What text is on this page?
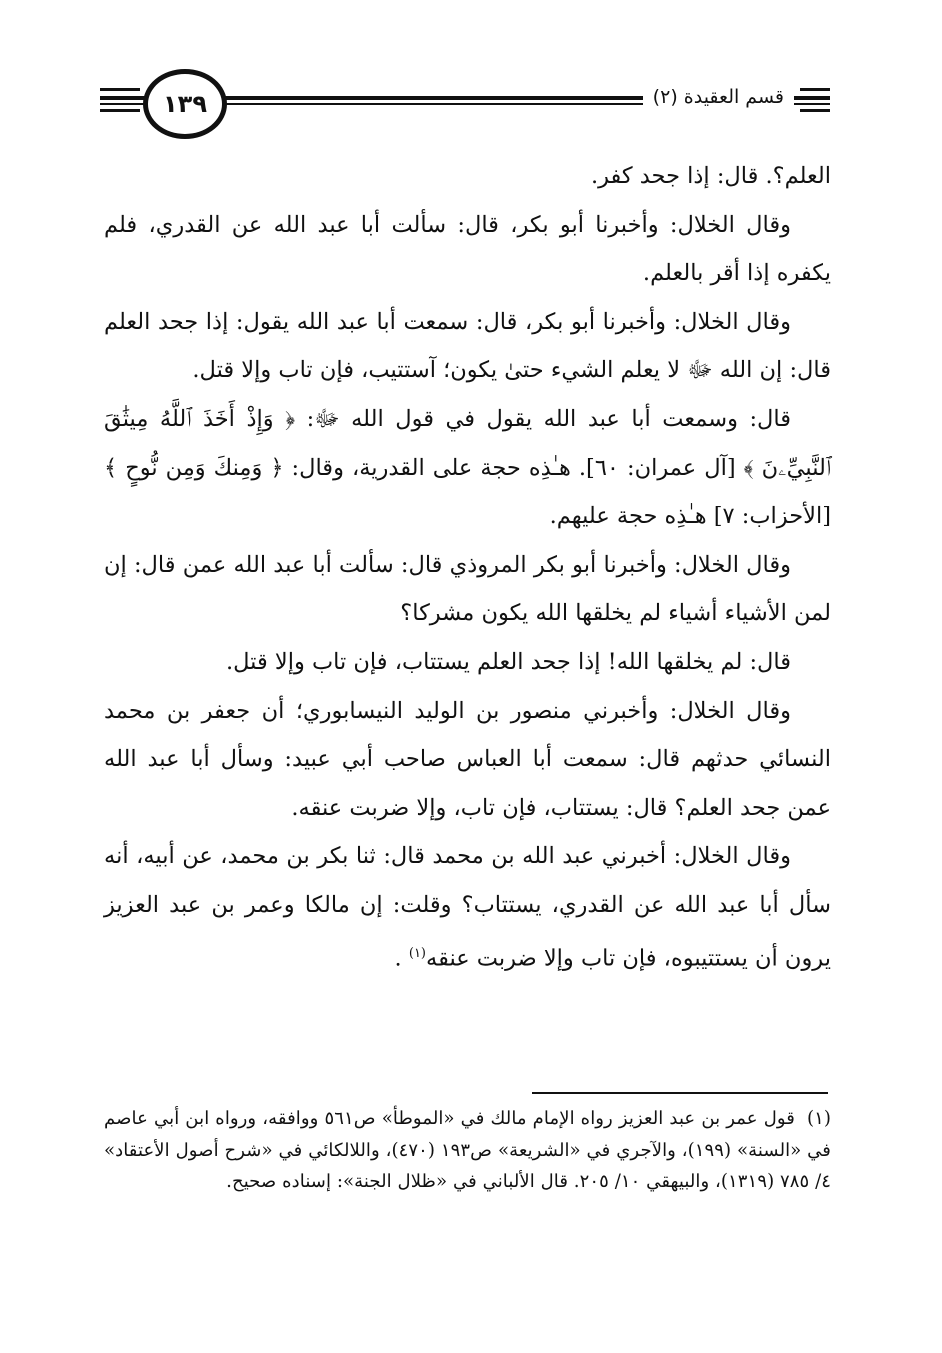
١٣٩	قسم العقيدة (٢)

العلم؟. قال: إذا جحد كفر.

وقال الخلال: وأخبرنا أبو بكر، قال: سألت أبا عبد الله عن القدري، فلم يكفره إذا أقر بالعلم.

وقال الخلال: وأخبرنا أبو بكر، قال: سمعت أبا عبد الله يقول: إذا جحد العلم قال: إن الله ﷻ لا يعلم الشيء حتىٰ يكون؛ آستتيب، فإن تاب وإلا قتل.

قال: وسمعت أبا عبد الله يقول في قول الله ﷻ: ﴿ وَإِذْ أَخَذَ ٱللَّهُ مِيثَٰقَ ٱلنَّبِيِّۦنَ ﴾ [آل عمران: ٦٠]. هـٰذِه حجة على القدرية، وقال: ﴿ وَمِنكَ وَمِن نُّوحٍ ﴾ [الأحزاب: ٧] هـٰذِه حجة عليهم.

وقال الخلال: وأخبرنا أبو بكر المروذي قال: سألت أبا عبد الله عمن قال: إن لمن الأشياء أشياء لم يخلقها الله يكون مشركا؟

قال: لم يخلقها الله! إذا جحد العلم يستتاب، فإن تاب وإلا قتل.

وقال الخلال: وأخبرني منصور بن الوليد النيسابوري؛ أن جعفر بن محمد النسائي حدثهم قال: سمعت أبا العباس صاحب أبي عبيد: وسأل أبا عبد الله عمن جحد العلم؟ قال: يستتاب، فإن تاب، وإلا ضربت عنقه.

وقال الخلال: أخبرني عبد الله بن محمد قال: ثنا بكر بن محمد، عن أبيه، أنه سأل أبا عبد الله عن القدري، يستتاب؟ وقلت: إن مالكا وعمر بن عبد العزيز يرون أن يستتيبوه، فإن تاب وإلا ضربت عنقه$^{(١)}$ .

(١)قول عمر بن عبد العزيز رواه الإمام مالك في «الموطأ» ص٥٦١ ووافقه، ورواه ابن أبي عاصم في «السنة» (١٩٩)، والآجري في «الشريعة» ص١٩٣ (٤٧٠)، واللالكائي في «شرح أصول الأعتقاد» ٤/ ٧٨٥ (١٣١٩)، والبيهقي ١٠/ ٢٠٥. قال الألباني في «ظلال الجنة»: إسناده صحيح.
